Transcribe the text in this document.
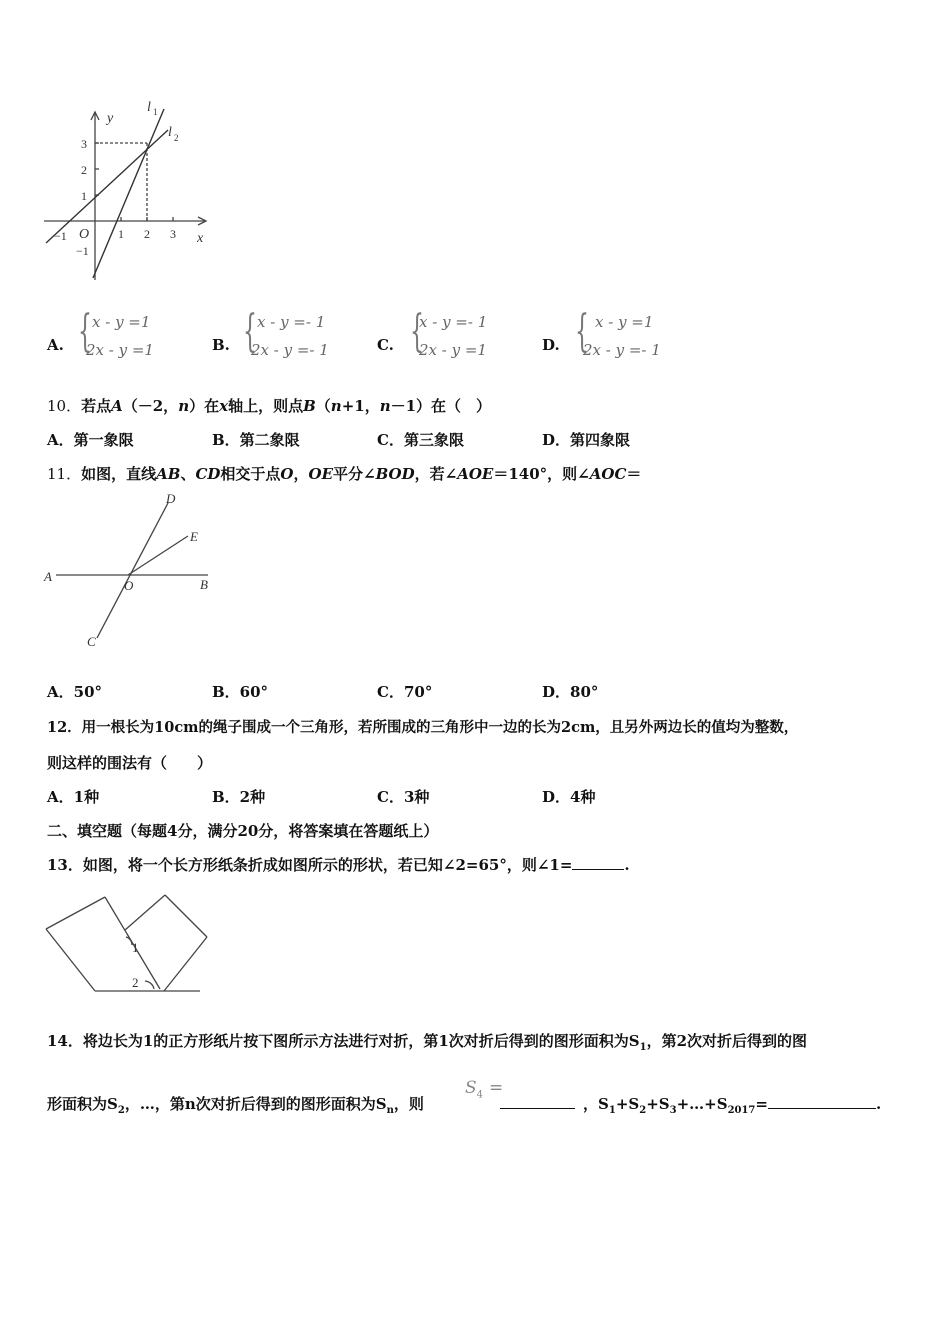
y
x
l 1
l 2
O
−1	1 2 3
3
2
1
−1
A. { x - y =1
2x - y =1	B. { x - y =- 1
2x - y =- 1	C. {
x - y =- 1
2x - y =1	D. { x - y =1
2x - y =- 1
10．若点A（－2，n）在x轴上，则点B（n+1，n－1）在（　）
A．第一象限	B．第二象限	C．第三象限	D．第四象限
11．如图，直线AB、CD相交于点O，OE平分∠BOD，若∠AOE＝140°，则∠AOC＝
A
B
C
D
E
O
A．50°	B．60°	C．70°	D．80°
12．用一根长为10cm的绳子围成一个三角形，若所围成的三角形中一边的长为2cm，且另外两边长的值均为整数，
则这样的围法有（　　）
A．1种	B．2种	C．3种	D．4种
二、填空题（每题4分，满分20分，将答案填在答题纸上）
13．如图，将一个长方形纸条折成如图所示的形状，若已知∠2=65°，则∠1=	.
1
2
14．将边长为1的正方形纸片按下图所示方法进行对折，第1次对折后得到的图形面积为$S_1$，第2次对折后得到的图
形面积为$S_2$，…，第n次对折后得到的图形面积为$S_n$，则
$S_4$ =
，$S_1+S_2+S_3+\dots+S_{2017}=$	.
